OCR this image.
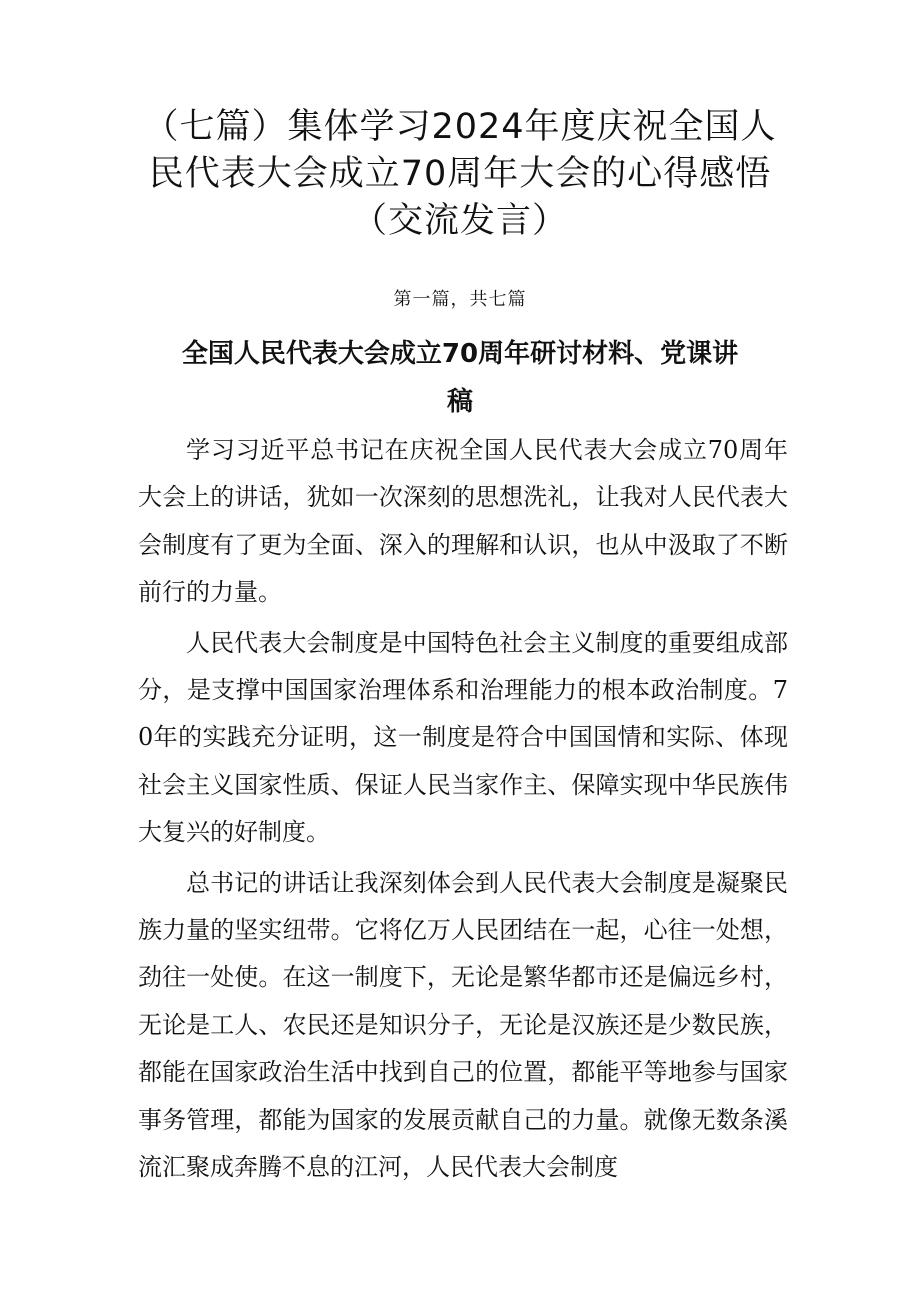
（七篇）集体学习2024年度庆祝全国人民代表大会成立70周年大会的心得感悟（交流发言）
第一篇，共七篇
全国人民代表大会成立70周年研讨材料、党课讲稿

学习习近平总书记在庆祝全国人民代表大会成立70周年大会上的讲话，犹如一次深刻的思想洗礼，让我对人民代表大会制度有了更为全面、深入的理解和认识，也从中汲取了不断前行的力量。

人民代表大会制度是中国特色社会主义制度的重要组成部分，是支撑中国国家治理体系和治理能力的根本政治制度。70年的实践充分证明，这一制度是符合中国国情和实际、体现社会主义国家性质、保证人民当家作主、保障实现中华民族伟大复兴的好制度。

总书记的讲话让我深刻体会到人民代表大会制度是凝聚民族力量的坚实纽带。它将亿万人民团结在一起，心往一处想，劲往一处使。在这一制度下，无论是繁华都市还是偏远乡村，无论是工人、农民还是知识分子，无论是汉族还是少数民族，都能在国家政治生活中找到自己的位置，都能平等地参与国家事务管理，都能为国家的发展贡献自己的力量。就像无数条溪流汇聚成奔腾不息的江河，人民代表大会制度
